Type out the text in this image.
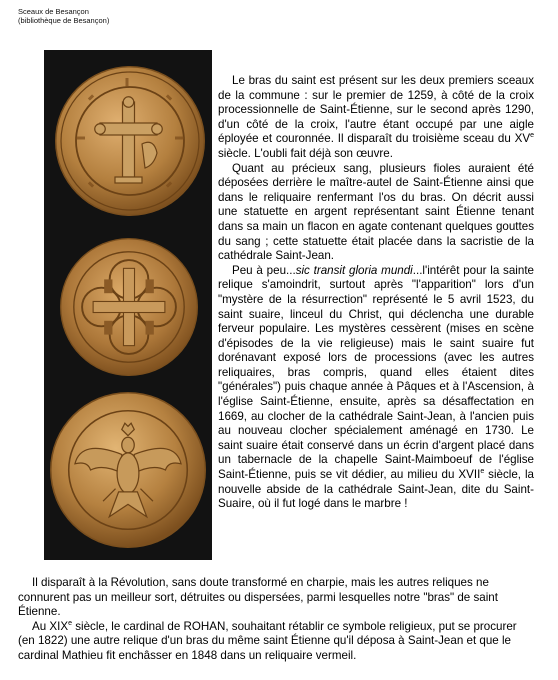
Sceaux de Besançon
(bibliothèque de Besançon)

Le bras du saint est présent sur les deux premiers sceaux de la commune : sur le premier de 1259, à côté de la croix processionnelle de Saint-Étienne, sur le second après 1290, d'un côté de la croix, l'autre étant occupé par une aigle éployée et couronnée. Il disparaît du troisième sceau du XVe siècle. L'oubli fait déjà son œuvre.

Quant au précieux sang, plusieurs fioles auraient été déposées derrière le maître-autel de Saint-Étienne ainsi que dans le reliquaire renfermant l'os du bras. On décrit aussi une statuette en argent représentant saint Étienne tenant dans sa main un flacon en agate contenant quelques gouttes du sang ; cette statuette était placée dans la sacristie de la cathédrale Saint-Jean.

Peu à peu...sic transit gloria mundi...l'intérêt pour la sainte relique s'amoindrit, surtout après "l'apparition" lors d'un "mystère de la résurrection" représenté le 5 avril 1523, du saint suaire, linceul du Christ, qui déclencha une durable ferveur populaire. Les mystères cessèrent (mises en scène d'épisodes de la vie religieuse) mais le saint suaire fut dorénavant exposé lors de processions (avec les autres reliquaires, bras compris, quand elles étaient dites "générales") puis chaque année à Pâques et à l'Ascension, à l'église Saint-Étienne, ensuite, après sa désaffectation en 1669, au clocher de la cathédrale Saint-Jean, à l'ancien puis au nouveau clocher spécialement aménagé en 1730. Le saint suaire était conservé dans un écrin d'argent placé dans un tabernacle de la chapelle Saint-Maimboeuf de l'église Saint-Étienne, puis se vit dédier, au milieu du XVIIe siècle, la nouvelle abside de la cathédrale Saint-Jean, dite du Saint- Suaire, où il fut logé dans le marbre !

Il disparaît à la Révolution, sans doute transformé en charpie, mais les autres reliques ne connurent pas un meilleur sort, détruites ou dispersées, parmi lesquelles notre "bras" de saint Étienne.

Au XIXe siècle, le cardinal de ROHAN, souhaitant rétablir ce symbole religieux, put se procurer (en 1822) une autre relique d'un bras du même saint Étienne qu'il déposa à Saint-Jean et que le cardinal Mathieu fit enchâsser en 1848 dans un reliquaire vermeil.
